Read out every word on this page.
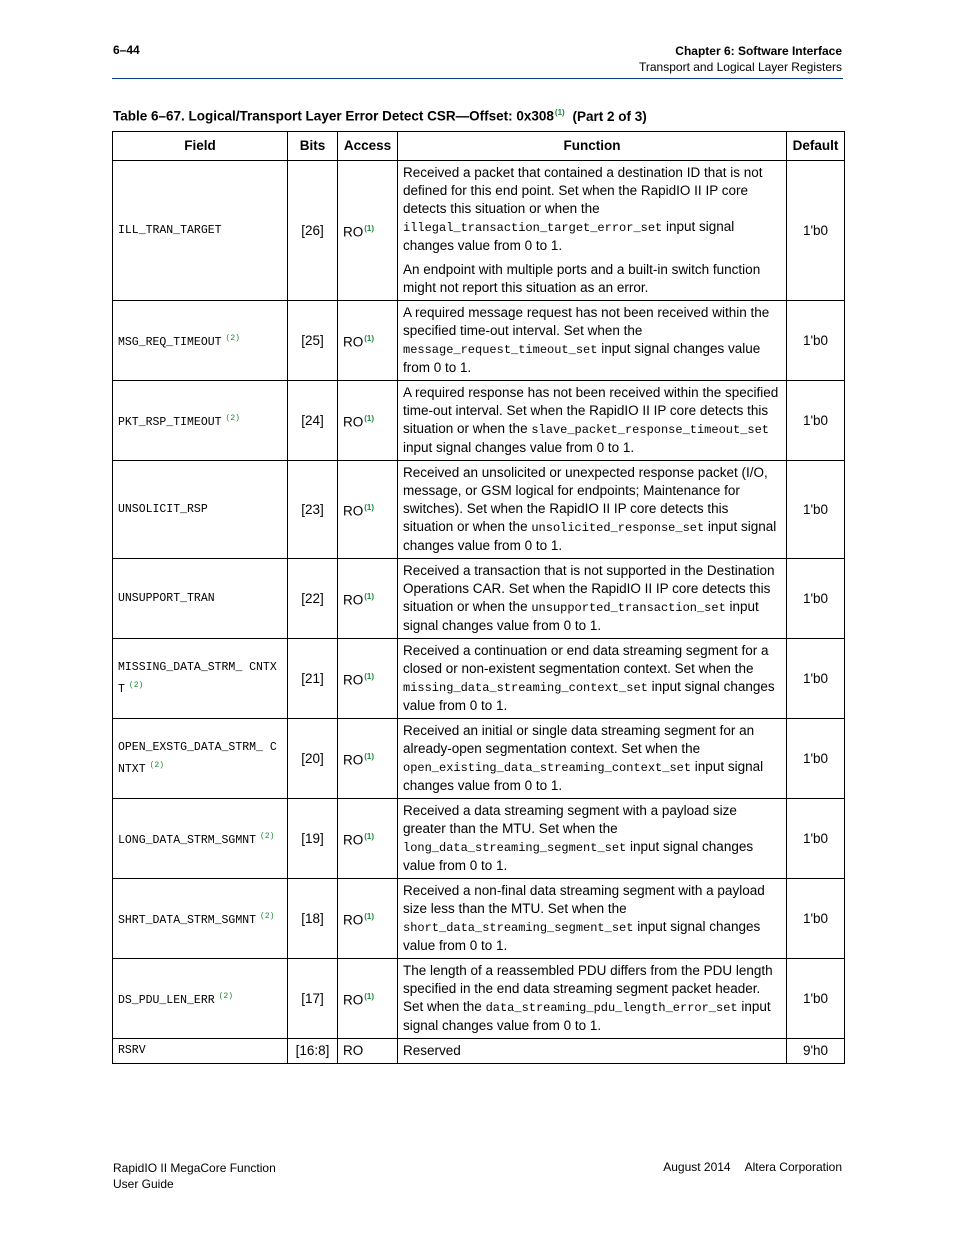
6–44	Chapter 6: Software Interface
Transport and Logical Layer Registers
Table 6–67. Logical/Transport Layer Error Detect CSR—Offset: 0x308$^{(1)}$ (Part 2 of 3)
Field	Bits	Access	Function	Default
ILL_TRAN_TARGET	[26]	RO$^{(1)}$	Received a packet that contained a destination ID that is not defined for this end point. Set when the RapidIO II IP core detects this situation or when the illegal_transaction_target_error_set input signal changes value from 0 to 1.

An endpoint with multiple ports and a built-in switch function might not report this situation as an error.	1'b0
MSG_REQ_TIMEOUT $^{(2)}$	[25]	RO$^{(1)}$	A required message request has not been received within the specified time-out interval. Set when the message_request_timeout_set input signal changes value from 0 to 1.	1'b0
PKT_RSP_TIMEOUT $^{(2)}$	[24]	RO$^{(1)}$	A required response has not been received within the specified time-out interval. Set when the RapidIO II IP core detects this situation or when the slave_packet_response_timeout_set input signal changes value from 0 to 1.	1'b0
UNSOLICIT_RSP	[23]	RO$^{(1)}$	Received an unsolicited or unexpected response packet (I/O, message, or GSM logical for endpoints; Maintenance for switches). Set when the RapidIO II IP core detects this situation or when the unsolicited_response_set input signal changes value from 0 to 1.	1'b0
UNSUPPORT_TRAN	[22]	RO$^{(1)}$	Received a transaction that is not supported in the Destination Operations CAR. Set when the RapidIO II IP core detects this situation or when the unsupported_transaction_set input signal changes value from 0 to 1.	1'b0
MISSING_DATA_STRM_ CNTXT $^{(2)}$	[21]	RO$^{(1)}$	Received a continuation or end data streaming segment for a closed or non-existent segmentation context. Set when the missing_data_streaming_context_set input signal changes value from 0 to 1.	1'b0
OPEN_EXSTG_DATA_STRM_ CNTXT $^{(2)}$	[20]	RO$^{(1)}$	Received an initial or single data streaming segment for an already-open segmentation context. Set when the open_existing_data_streaming_context_set input signal changes value from 0 to 1.	1'b0
LONG_DATA_STRM_SGMNT $^{(2)}$	[19]	RO$^{(1)}$	Received a data streaming segment with a payload size greater than the MTU. Set when the long_data_streaming_segment_set input signal changes value from 0 to 1.	1'b0
SHRT_DATA_STRM_SGMNT $^{(2)}$	[18]	RO$^{(1)}$	Received a non-final data streaming segment with a payload size less than the MTU. Set when the short_data_streaming_segment_set input signal changes value from 0 to 1.	1'b0
DS_PDU_LEN_ERR $^{(2)}$	[17]	RO$^{(1)}$	The length of a reassembled PDU differs from the PDU length specified in the end data streaming segment packet header. Set when the data_streaming_pdu_length_error_set input signal changes value from 0 to 1.	1'b0
RSRV	[16:8]	RO	Reserved	9'h0
RapidIO II MegaCore Function
User Guide
August 2014 Altera Corporation
